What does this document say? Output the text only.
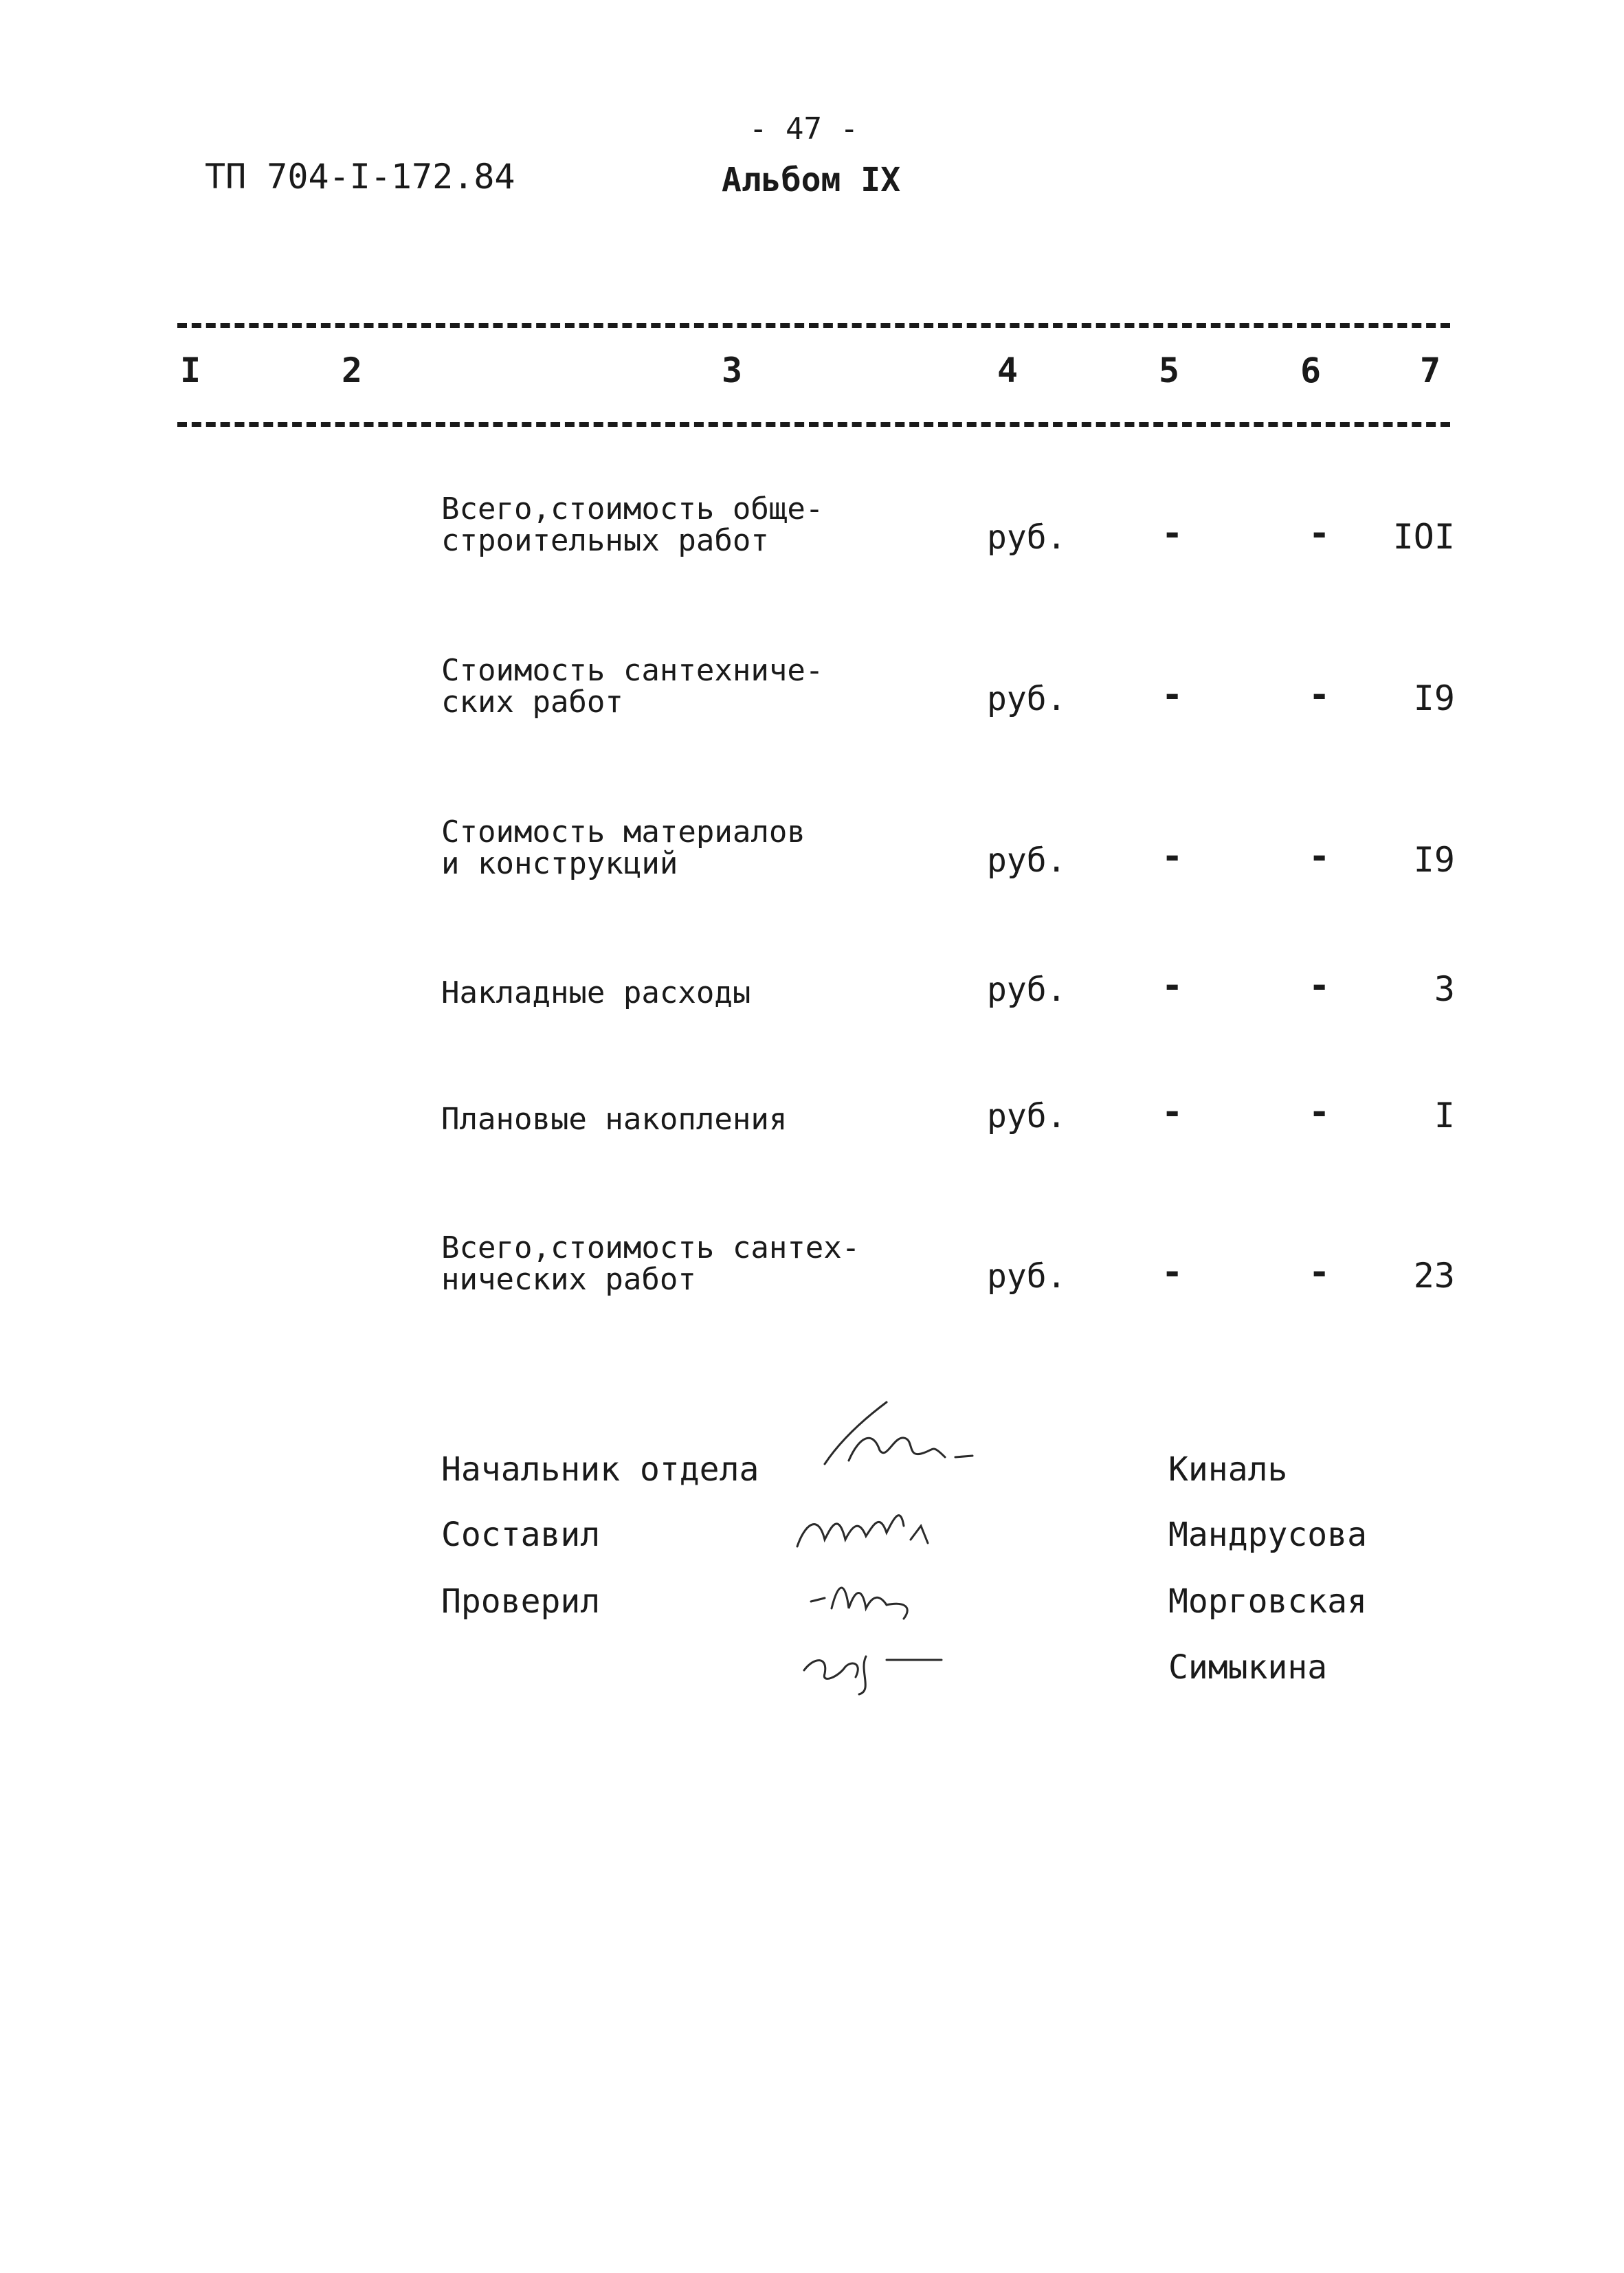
- 47 -
ТП 704-I-172.84	Альбом IX
I	2	3	4	5	6	7
Всего,стоимость обще-
строительных работ	руб.	-	- IOI
Стоимость сантехниче-
ских работ	руб.	-	- I9
Стоимость материалов
и конструкций	руб.	-	- I9
Накладные расходы	руб.	-	-	3
Плановые накопления	руб.	-	-	I
Всего,стоимость сантех-
нических работ	руб.	-	- 23
Начальник отдела
Составил
Проверил
Киналь
Мандрусова
Морговская
Симыкина
